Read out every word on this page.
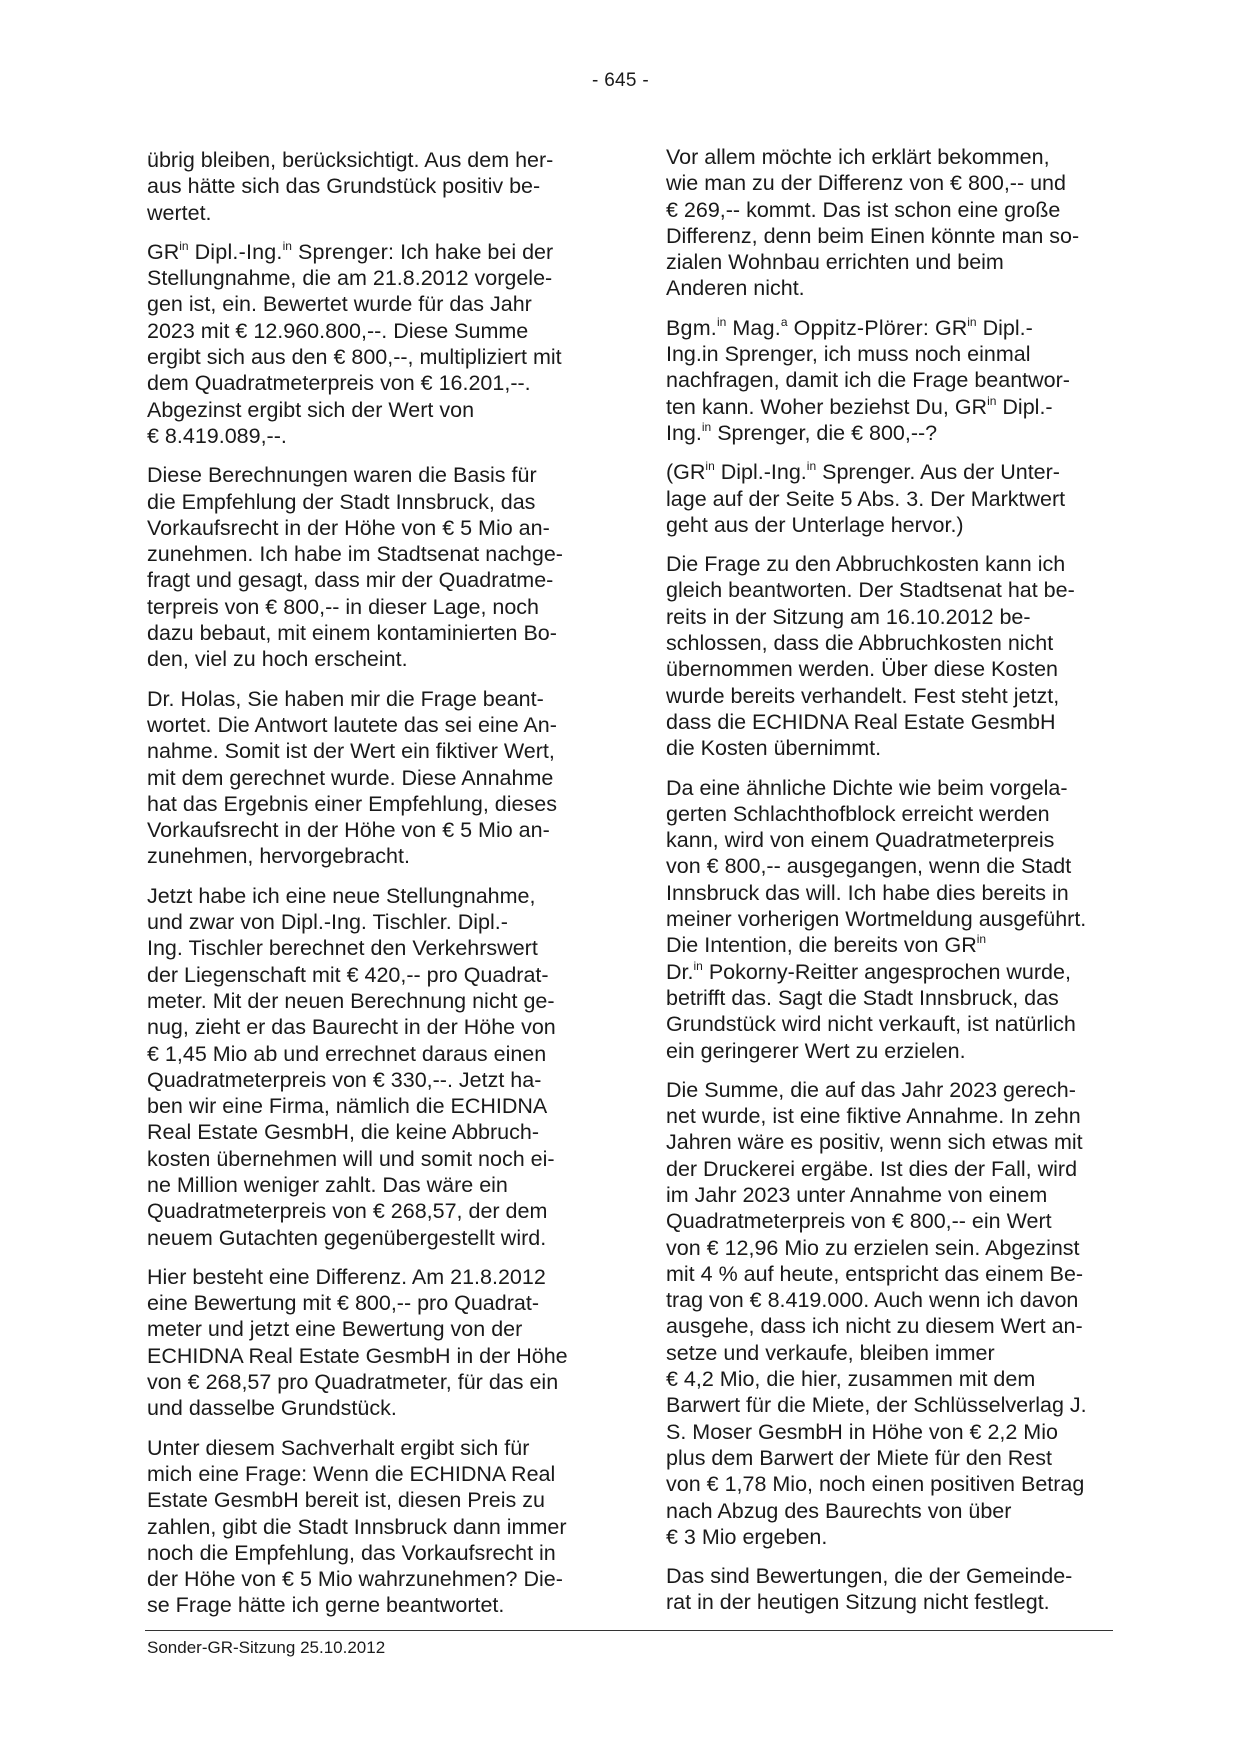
- 645 -

übrig bleiben, berücksichtigt. Aus dem her-
aus hätte sich das Grundstück positiv be-
wertet.

$GR^{in}$ Dipl.-Ing.$^{in}$ Sprenger: Ich hake bei der
Stellungnahme, die am 21.8.2012 vorgele-
gen ist, ein. Bewertet wurde für das Jahr
2023 mit € 12.960.800,--. Diese Summe
ergibt sich aus den € 800,--, multipliziert mit
dem Quadratmeterpreis von € 16.201,--.
Abgezinst ergibt sich der Wert von
€ 8.419.089,--.

Diese Berechnungen waren die Basis für
die Empfehlung der Stadt Innsbruck, das
Vorkaufsrecht in der Höhe von € 5 Mio an-
zunehmen. Ich habe im Stadtsenat nachge-
fragt und gesagt, dass mir der Quadratme-
terpreis von € 800,-- in dieser Lage, noch
dazu bebaut, mit einem kontaminierten Bo-
den, viel zu hoch erscheint.

Dr. Holas, Sie haben mir die Frage beant-
wortet. Die Antwort lautete das sei eine An-
nahme. Somit ist der Wert ein fiktiver Wert,
mit dem gerechnet wurde. Diese Annahme
hat das Ergebnis einer Empfehlung, dieses
Vorkaufsrecht in der Höhe von € 5 Mio an-
zunehmen, hervorgebracht.

Jetzt habe ich eine neue Stellungnahme,
und zwar von Dipl.-Ing. Tischler. Dipl.-
Ing. Tischler berechnet den Verkehrswert
der Liegenschaft mit € 420,-- pro Quadrat-
meter. Mit der neuen Berechnung nicht ge-
nug, zieht er das Baurecht in der Höhe von
€ 1,45 Mio ab und errechnet daraus einen
Quadratmeterpreis von € 330,--. Jetzt ha-
ben wir eine Firma, nämlich die ECHIDNA
Real Estate GesmbH, die keine Abbruch-
kosten übernehmen will und somit noch ei-
ne Million weniger zahlt. Das wäre ein
Quadratmeterpreis von € 268,57, der dem
neuem Gutachten gegenübergestellt wird.

Hier besteht eine Differenz. Am 21.8.2012
eine Bewertung mit € 800,-- pro Quadrat-
meter und jetzt eine Bewertung von der
ECHIDNA Real Estate GesmbH in der Höhe
von € 268,57 pro Quadratmeter, für das ein
und dasselbe Grundstück.

Unter diesem Sachverhalt ergibt sich für
mich eine Frage: Wenn die ECHIDNA Real
Estate GesmbH bereit ist, diesen Preis zu
zahlen, gibt die Stadt Innsbruck dann immer
noch die Empfehlung, das Vorkaufsrecht in
der Höhe von € 5 Mio wahrzunehmen? Die-
se Frage hätte ich gerne beantwortet.

Vor allem möchte ich erklärt bekommen,
wie man zu der Differenz von € 800,-- und
€ 269,-- kommt. Das ist schon eine große
Differenz, denn beim Einen könnte man so-
zialen Wohnbau errichten und beim
Anderen nicht.

Bgm.$^{in}$ Mag.$^a$ Oppitz-Plörer: $GR^{in}$ Dipl.-
Ing.in Sprenger, ich muss noch einmal
nachfragen, damit ich die Frage beantwor-
ten kann. Woher beziehst Du, $GR^{in}$ Dipl.-
Ing.$^{in}$ Sprenger, die € 800,--?

($GR^{in}$ Dipl.-Ing.$^{in}$ Sprenger. Aus der Unter-
lage auf der Seite 5 Abs. 3. Der Marktwert
geht aus der Unterlage hervor.)

Die Frage zu den Abbruchkosten kann ich
gleich beantworten. Der Stadtsenat hat be-
reits in der Sitzung am 16.10.2012 be-
schlossen, dass die Abbruchkosten nicht
übernommen werden. Über diese Kosten
wurde bereits verhandelt. Fest steht jetzt,
dass die ECHIDNA Real Estate GesmbH
die Kosten übernimmt.

Da eine ähnliche Dichte wie beim vorgela-
gerten Schlachthofblock erreicht werden
kann, wird von einem Quadratmeterpreis
von € 800,-- ausgegangen, wenn die Stadt
Innsbruck das will. Ich habe dies bereits in
meiner vorherigen Wortmeldung ausgeführt.
Die Intention, die bereits von $GR^{in}$
Dr.$^{in}$ Pokorny-Reitter angesprochen wurde,
betrifft das. Sagt die Stadt Innsbruck, das
Grundstück wird nicht verkauft, ist natürlich
ein geringerer Wert zu erzielen.

Die Summe, die auf das Jahr 2023 gerech-
net wurde, ist eine fiktive Annahme. In zehn
Jahren wäre es positiv, wenn sich etwas mit
der Druckerei ergäbe. Ist dies der Fall, wird
im Jahr 2023 unter Annahme von einem
Quadratmeterpreis von € 800,-- ein Wert
von € 12,96 Mio zu erzielen sein. Abgezinst
mit 4 % auf heute, entspricht das einem Be-
trag von € 8.419.000. Auch wenn ich davon
ausgehe, dass ich nicht zu diesem Wert an-
setze und verkaufe, bleiben immer
€ 4,2 Mio, die hier, zusammen mit dem
Barwert für die Miete, der Schlüsselverlag J.
S. Moser GesmbH in Höhe von € 2,2 Mio
plus dem Barwert der Miete für den Rest
von € 1,78 Mio, noch einen positiven Betrag
nach Abzug des Baurechts von über
€ 3 Mio ergeben.

Das sind Bewertungen, die der Gemeinde-
rat in der heutigen Sitzung nicht festlegt.

Sonder-GR-Sitzung 25.10.2012
